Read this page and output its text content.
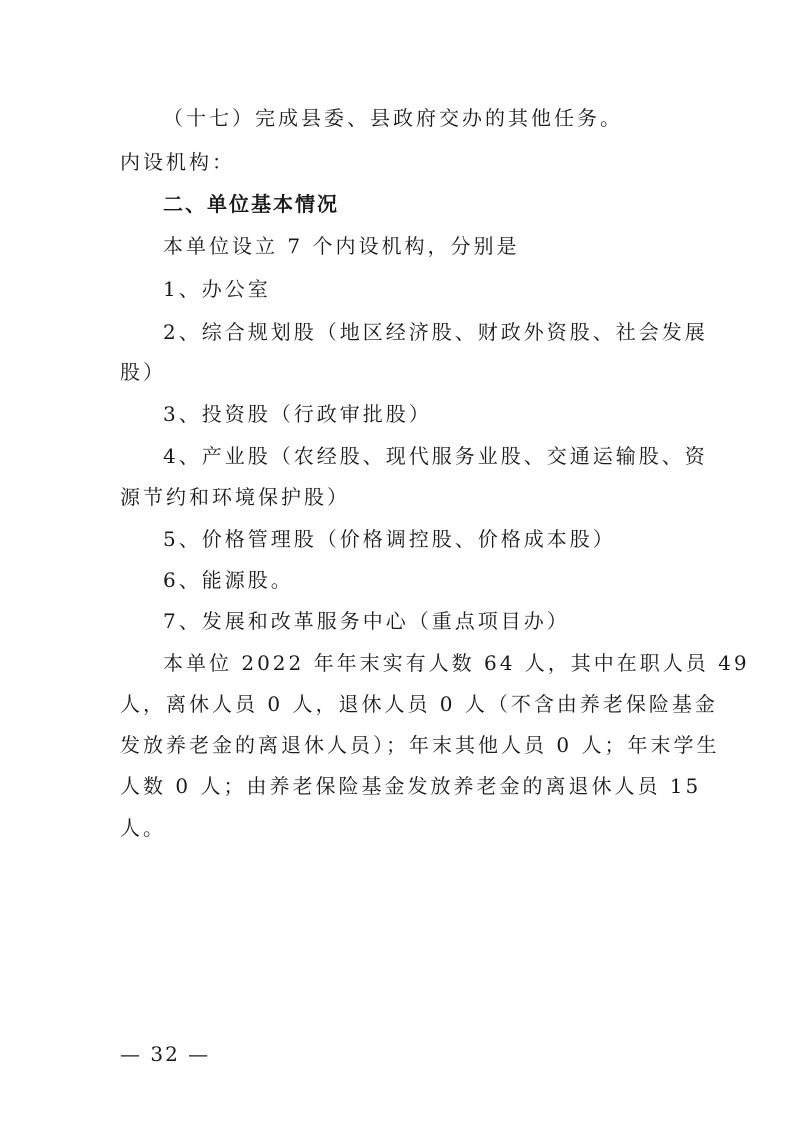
（十七）完成县委、县政府交办的其他任务。
内设机构：
二、单位基本情况
本单位设立 7 个内设机构，分别是
1、办公室
2、综合规划股（地区经济股、财政外资股、社会发展
股）
3、投资股（行政审批股）
4、产业股（农经股、现代服务业股、交通运输股、资
源节约和环境保护股）
5、价格管理股（价格调控股、价格成本股）
6、能源股。
7、发展和改革服务中心（重点项目办）
本单位 2022 年年末实有人数 64 人，其中在职人员 49
人，离休人员 0 人，退休人员 0 人（不含由养老保险基金
发放养老金的离退休人员）；年末其他人员 0 人；年末学生
人数 0 人；由养老保险基金发放养老金的离退休人员 15
人。
— 32 —
